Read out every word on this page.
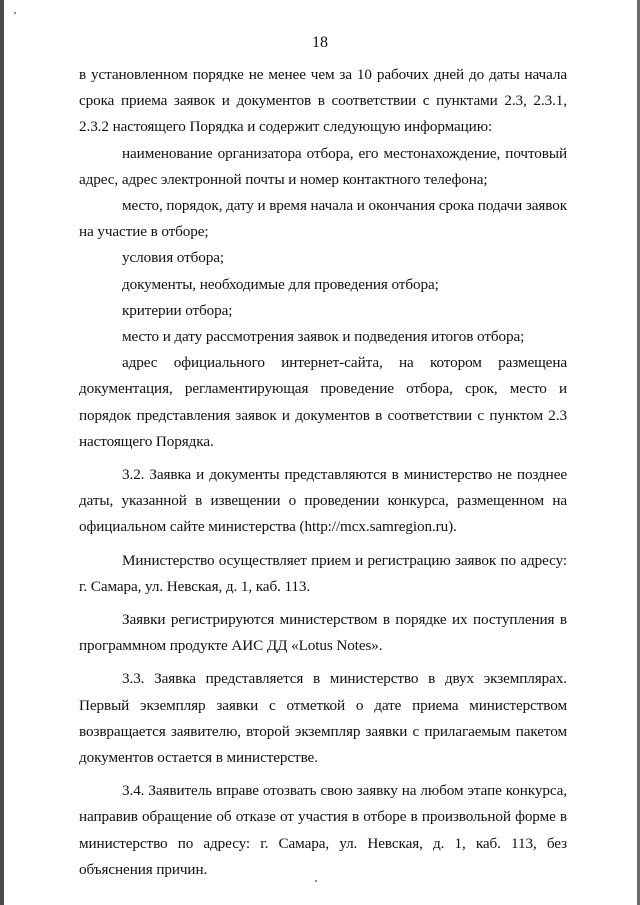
18

в установленном порядке не менее чем за 10 рабочих дней до даты начала срока приема заявок и документов в соответствии с пунктами 2.3, 2.3.1, 2.3.2 настоящего Порядка и содержит следующую информацию:

наименование организатора отбора, его местонахождение, почтовый адрес, адрес электронной почты и номер контактного телефона;

место, порядок, дату и время начала и окончания срока подачи заявок на участие в отборе;

условия отбора;

документы, необходимые для проведения отбора;

критерии отбора;

место и дату рассмотрения заявок и подведения итогов отбора;

адрес официального интернет-сайта, на котором размещена документация, регламентирующая проведение отбора, срок, место и порядок представления заявок и документов в соответствии с пунктом 2.3 настоящего Порядка.

3.2. Заявка и документы представляются в министерство не позднее даты, указанной в извещении о проведении конкурса, размещенном на официальном сайте министерства (http://mcx.samregion.ru).

Министерство осуществляет прием и регистрацию заявок по адресу: г. Самара, ул. Невская, д. 1, каб. 113.

Заявки регистрируются министерством в порядке их поступления в программном продукте АИС ДД «Lotus Notes».

3.3. Заявка представляется в министерство в двух экземплярах. Первый экземпляр заявки с отметкой о дате приема министерством возвращается заявителю, второй экземпляр заявки с прилагаемым пакетом документов остается в министерстве.

3.4. Заявитель вправе отозвать свою заявку на любом этапе конкурса, направив обращение об отказе от участия в отборе в произвольной форме в министерство по адресу: г. Самара, ул. Невская, д. 1, каб. 113, без объяснения причин.
